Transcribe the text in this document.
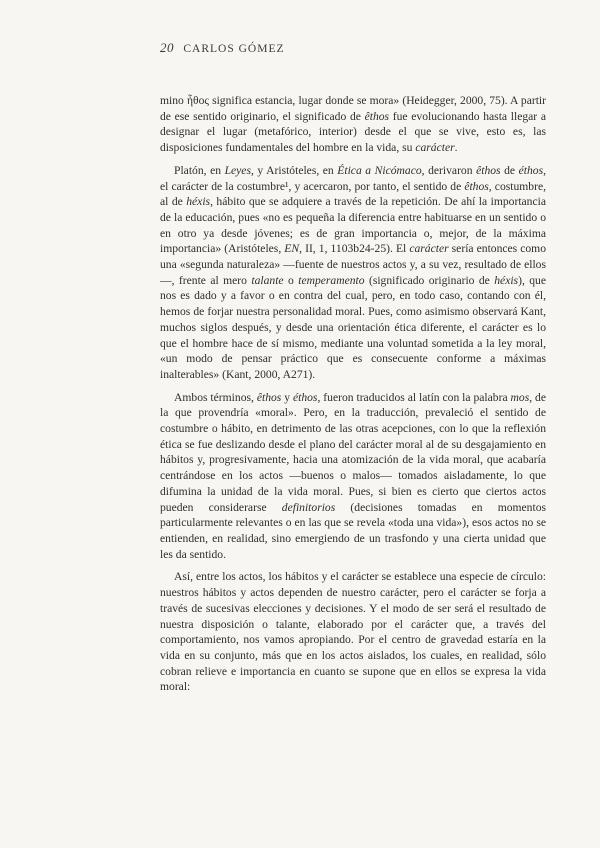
20 CARLOS GÓMEZ

mino ἦθος significa estancia, lugar donde se mora» (Heidegger, 2000, 75). A partir de ese sentido originario, el significado de êthos fue evolucionando hasta llegar a designar el lugar (metafórico, interior) desde el que se vive, esto es, las disposiciones fundamentales del hombre en la vida, su carácter.

Platón, en Leyes, y Aristóteles, en Ética a Nicómaco, derivaron êthos de éthos, el carácter de la costumbre¹, y acercaron, por tanto, el sentido de êthos, costumbre, al de héxis, hábito que se adquiere a través de la repetición. De ahí la importancia de la educación, pues «no es pequeña la diferencia entre habituarse en un sentido o en otro ya desde jóvenes; es de gran importancia o, mejor, de la máxima importancia» (Aristóteles, EN, II, 1, 1103b24-25). El carácter sería entonces como una «segunda naturaleza» —fuente de nuestros actos y, a su vez, resultado de ellos —, frente al mero talante o temperamento (significado originario de héxis), que nos es dado y a favor o en contra del cual, pero, en todo caso, contando con él, hemos de forjar nuestra personalidad moral. Pues, como asimismo observará Kant, muchos siglos después, y desde una orientación ética diferente, el carácter es lo que el hombre hace de sí mismo, mediante una voluntad sometida a la ley moral, «un modo de pensar práctico que es consecuente conforme a máximas inalterables» (Kant, 2000, A271).

Ambos términos, êthos y éthos, fueron traducidos al latín con la palabra mos, de la que provendría «moral». Pero, en la traducción, prevaleció el sentido de costumbre o hábito, en detrimento de las otras acepciones, con lo que la reflexión ética se fue deslizando desde el plano del carácter moral al de su desgajamiento en hábitos y, progresivamente, hacia una atomización de la vida moral, que acabaría centrándose en los actos —buenos o malos— tomados aisladamente, lo que difumina la unidad de la vida moral. Pues, si bien es cierto que ciertos actos pueden considerarse definitorios (decisiones tomadas en momentos particularmente relevantes o en las que se revela «toda una vida»), esos actos no se entienden, en realidad, sino emergiendo de un trasfondo y una cierta unidad que les da sentido.

Así, entre los actos, los hábitos y el carácter se establece una especie de círculo: nuestros hábitos y actos dependen de nuestro carácter, pero el carácter se forja a través de sucesivas elecciones y decisiones. Y el modo de ser será el resultado de nuestra disposición o talante, elaborado por el carácter que, a través del comportamiento, nos vamos apropiando. Por el centro de gravedad estaría en la vida en su conjunto, más que en los actos aislados, los cuales, en realidad, sólo cobran relieve e importancia en cuanto se supone que en ellos se expresa la vida moral:
